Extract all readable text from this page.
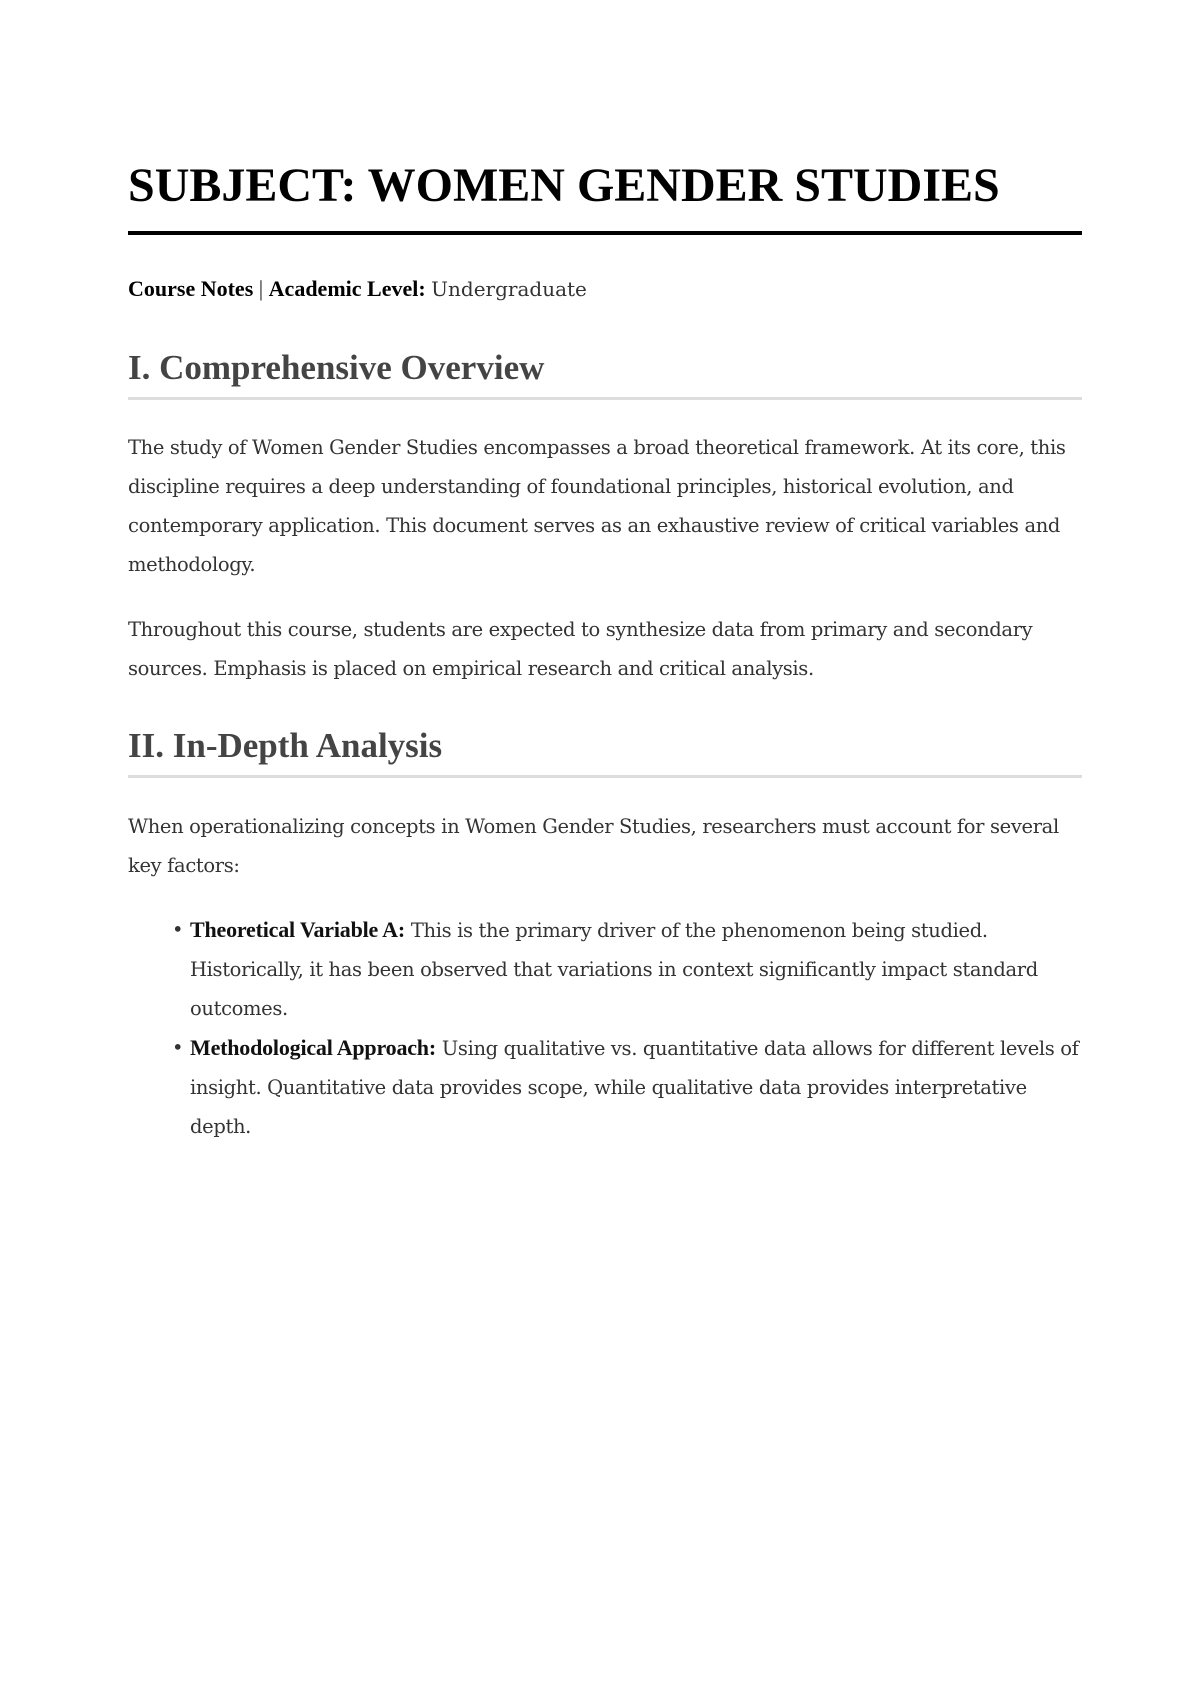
SUBJECT: WOMEN GENDER STUDIES
Course Notes | Academic Level: Undergraduate
I. Comprehensive Overview

The study of Women Gender Studies encompasses a broad theoretical framework. At its core, this discipline requires a deep understanding of foundational principles, historical evolution, and contemporary application. This document serves as an exhaustive review of critical variables and methodology.

Throughout this course, students are expected to synthesize data from primary and secondary sources. Emphasis is placed on empirical research and critical analysis.

II. In-Depth Analysis

When operationalizing concepts in Women Gender Studies, researchers must account for several key factors:

• Theoretical Variable A: This is the primary driver of the phenomenon being studied. Historically, it has been observed that variations in context significantly impact standard outcomes.
• Methodological Approach: Using qualitative vs. quantitative data allows for different levels of insight. Quantitative data provides scope, while qualitative data provides interpretative depth.
